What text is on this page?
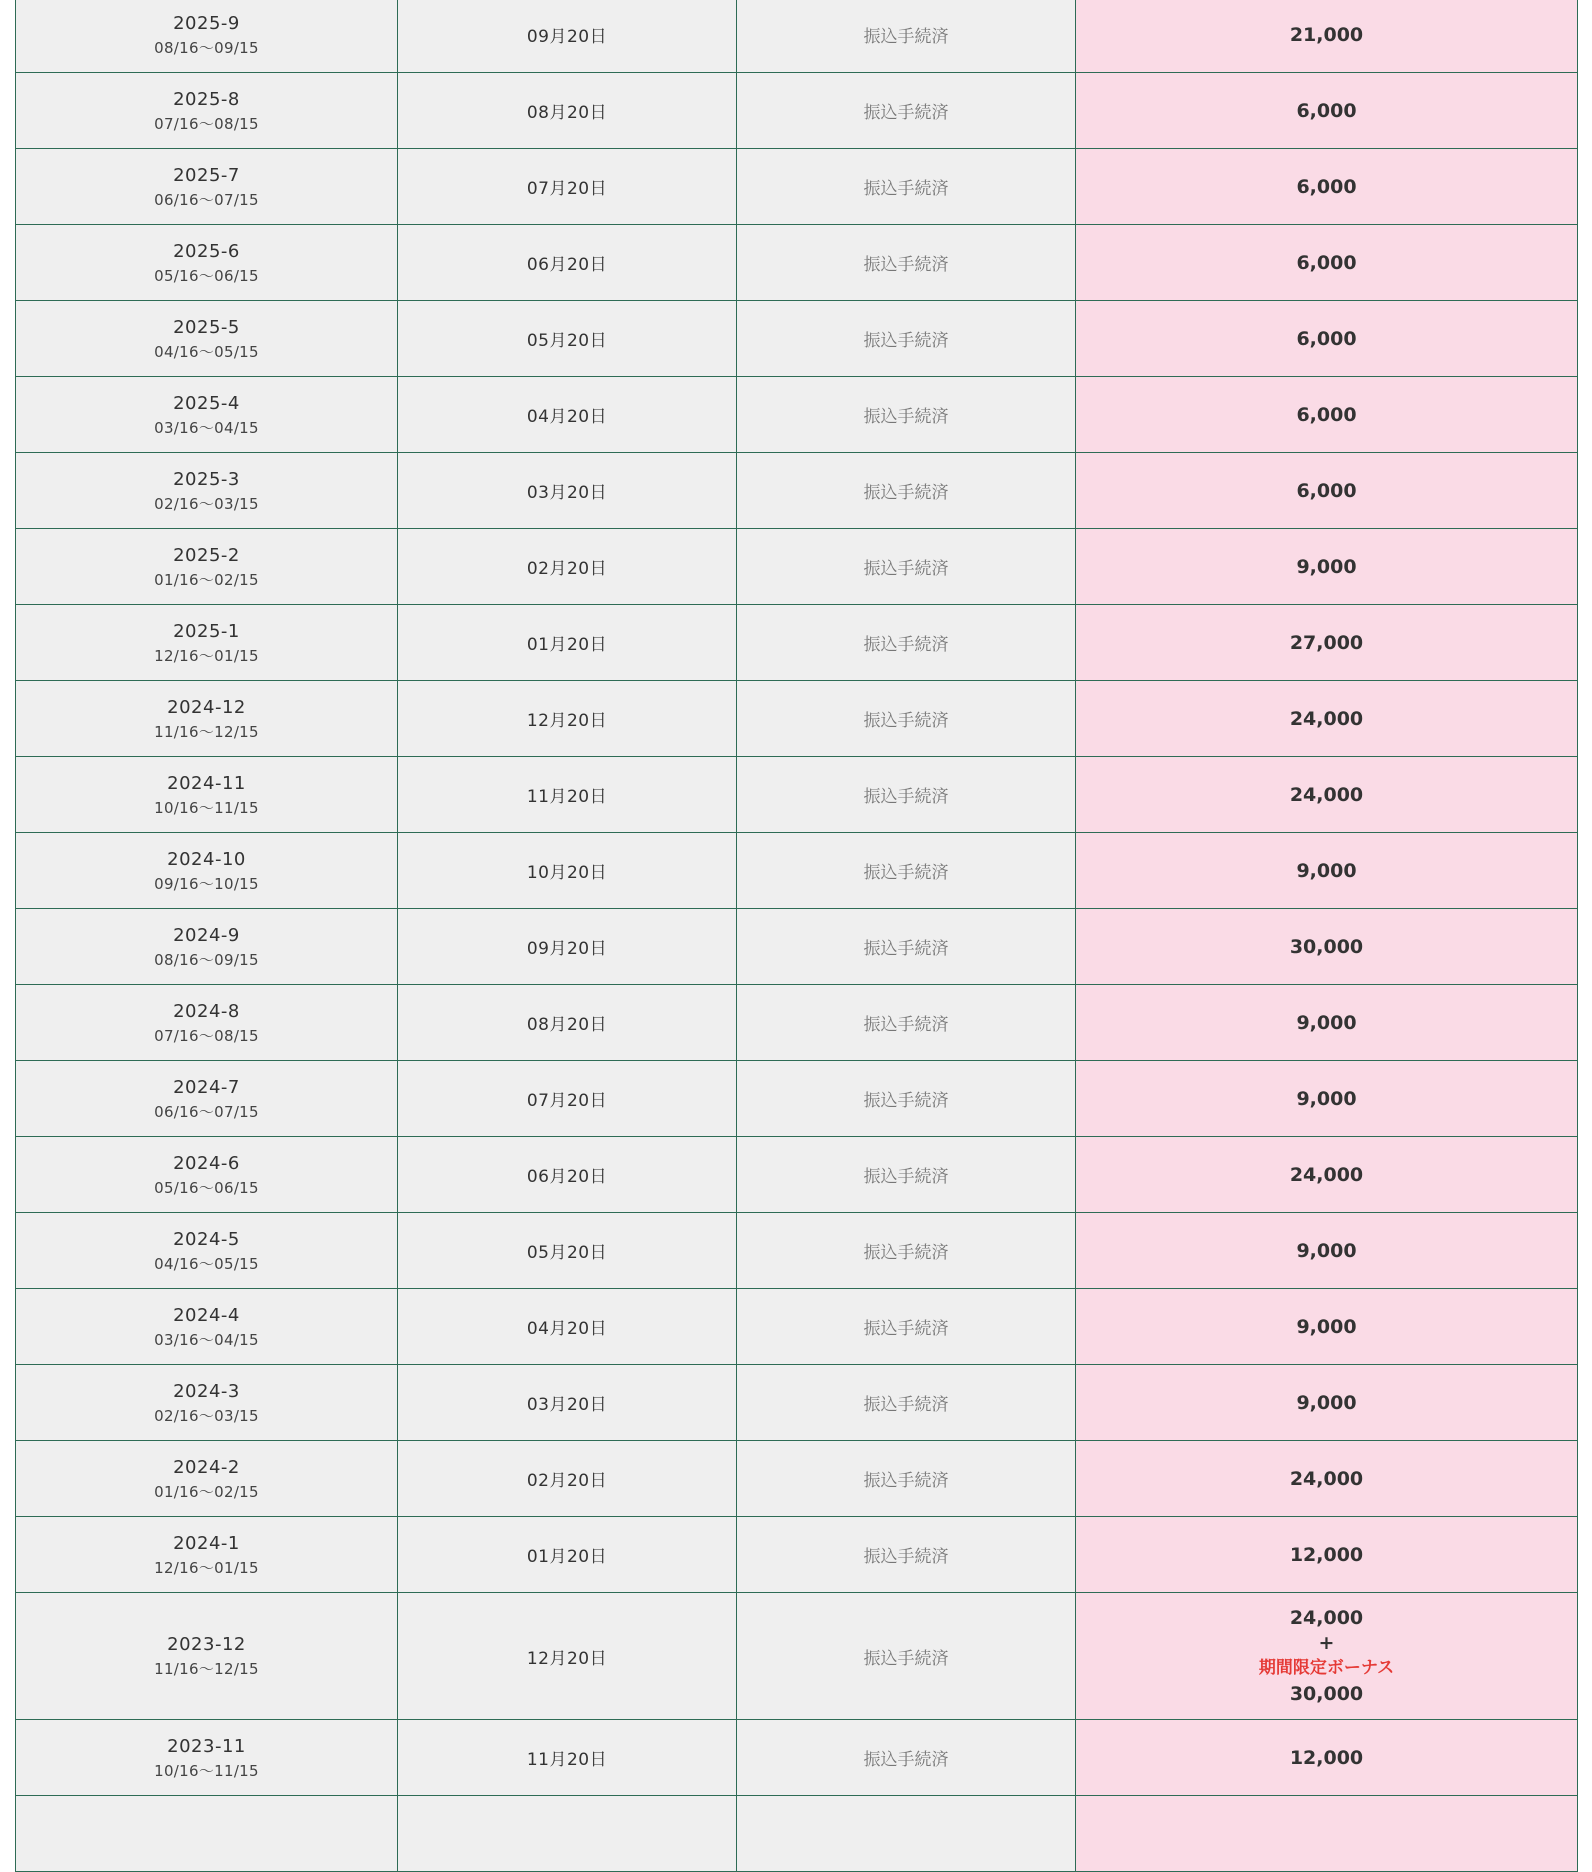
2025-9
08/16～09/15	09月20日	振込手続済	21,000

2025-8
07/16～08/15	08月20日	振込手続済	6,000

2025-7
06/16～07/15	07月20日	振込手続済	6,000

2025-6
05/16～06/15	06月20日	振込手続済	6,000

2025-5
04/16～05/15	05月20日	振込手続済	6,000

2025-4
03/16～04/15	04月20日	振込手続済	6,000

2025-3
02/16～03/15	03月20日	振込手続済	6,000

2025-2
01/16～02/15	02月20日	振込手続済	9,000

2025-1
12/16～01/15	01月20日	振込手続済	27,000

2024-12
11/16～12/15	12月20日	振込手続済	24,000

2024-11
10/16～11/15	11月20日	振込手続済	24,000

2024-10
09/16～10/15	10月20日	振込手続済	9,000

2024-9
08/16～09/15	09月20日	振込手続済	30,000

2024-8
07/16～08/15	08月20日	振込手続済	9,000

2024-7
06/16～07/15	07月20日	振込手続済	9,000

2024-6
05/16～06/15	06月20日	振込手続済	24,000

2024-5
04/16～05/15	05月20日	振込手続済	9,000

2024-4
03/16～04/15	04月20日	振込手続済	9,000

2024-3
02/16～03/15	03月20日	振込手続済	9,000

2024-2
01/16～02/15	02月20日	振込手続済	24,000

2024-1
12/16～01/15	01月20日	振込手続済	12,000

2023-12
11/16～12/15	12月20日	振込手続済	24,000
+
期間限定ボーナス
30,000

2023-11
10/16～11/15	11月20日	振込手続済	12,000
